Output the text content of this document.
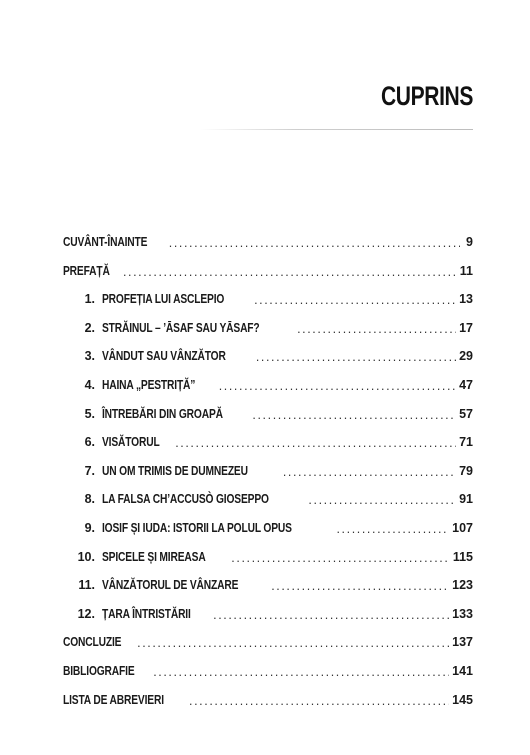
CUPRINS
CUVÂNT-ÎNAINTE .....	9
PREFAȚĂ .....	11
1. PROFEȚIA LUI ASCLEPIO .....	13
2. STRĂINUL – ’ĀSAF SAU YĀSAF? .....	17
3. VÂNDUT SAU VÂNZĂTOR .....	29
4. HAINA „PESTRIȚĂ” .....	47
5. ÎNTREBĂRI DIN GROAPĂ .....	57
6. VISĂTORUL .....	71
7. UN OM TRIMIS DE DUMNEZEU .....	79
8. LA FALSA CH’ACCUSÒ GIOSEPPO .....	91
9. IOSIF ȘI IUDA: ISTORII LA POLUL OPUS .....	107
10. SPICELE ȘI MIREASA .....	115
11. VÂNZĂTORUL DE VÂNZARE .....	123
12. ȚARA ÎNTRISTĂRII .....	133
CONCLUZIE .....	137
BIBLIOGRAFIE .....	141
LISTA DE ABREVIERI .....	145
